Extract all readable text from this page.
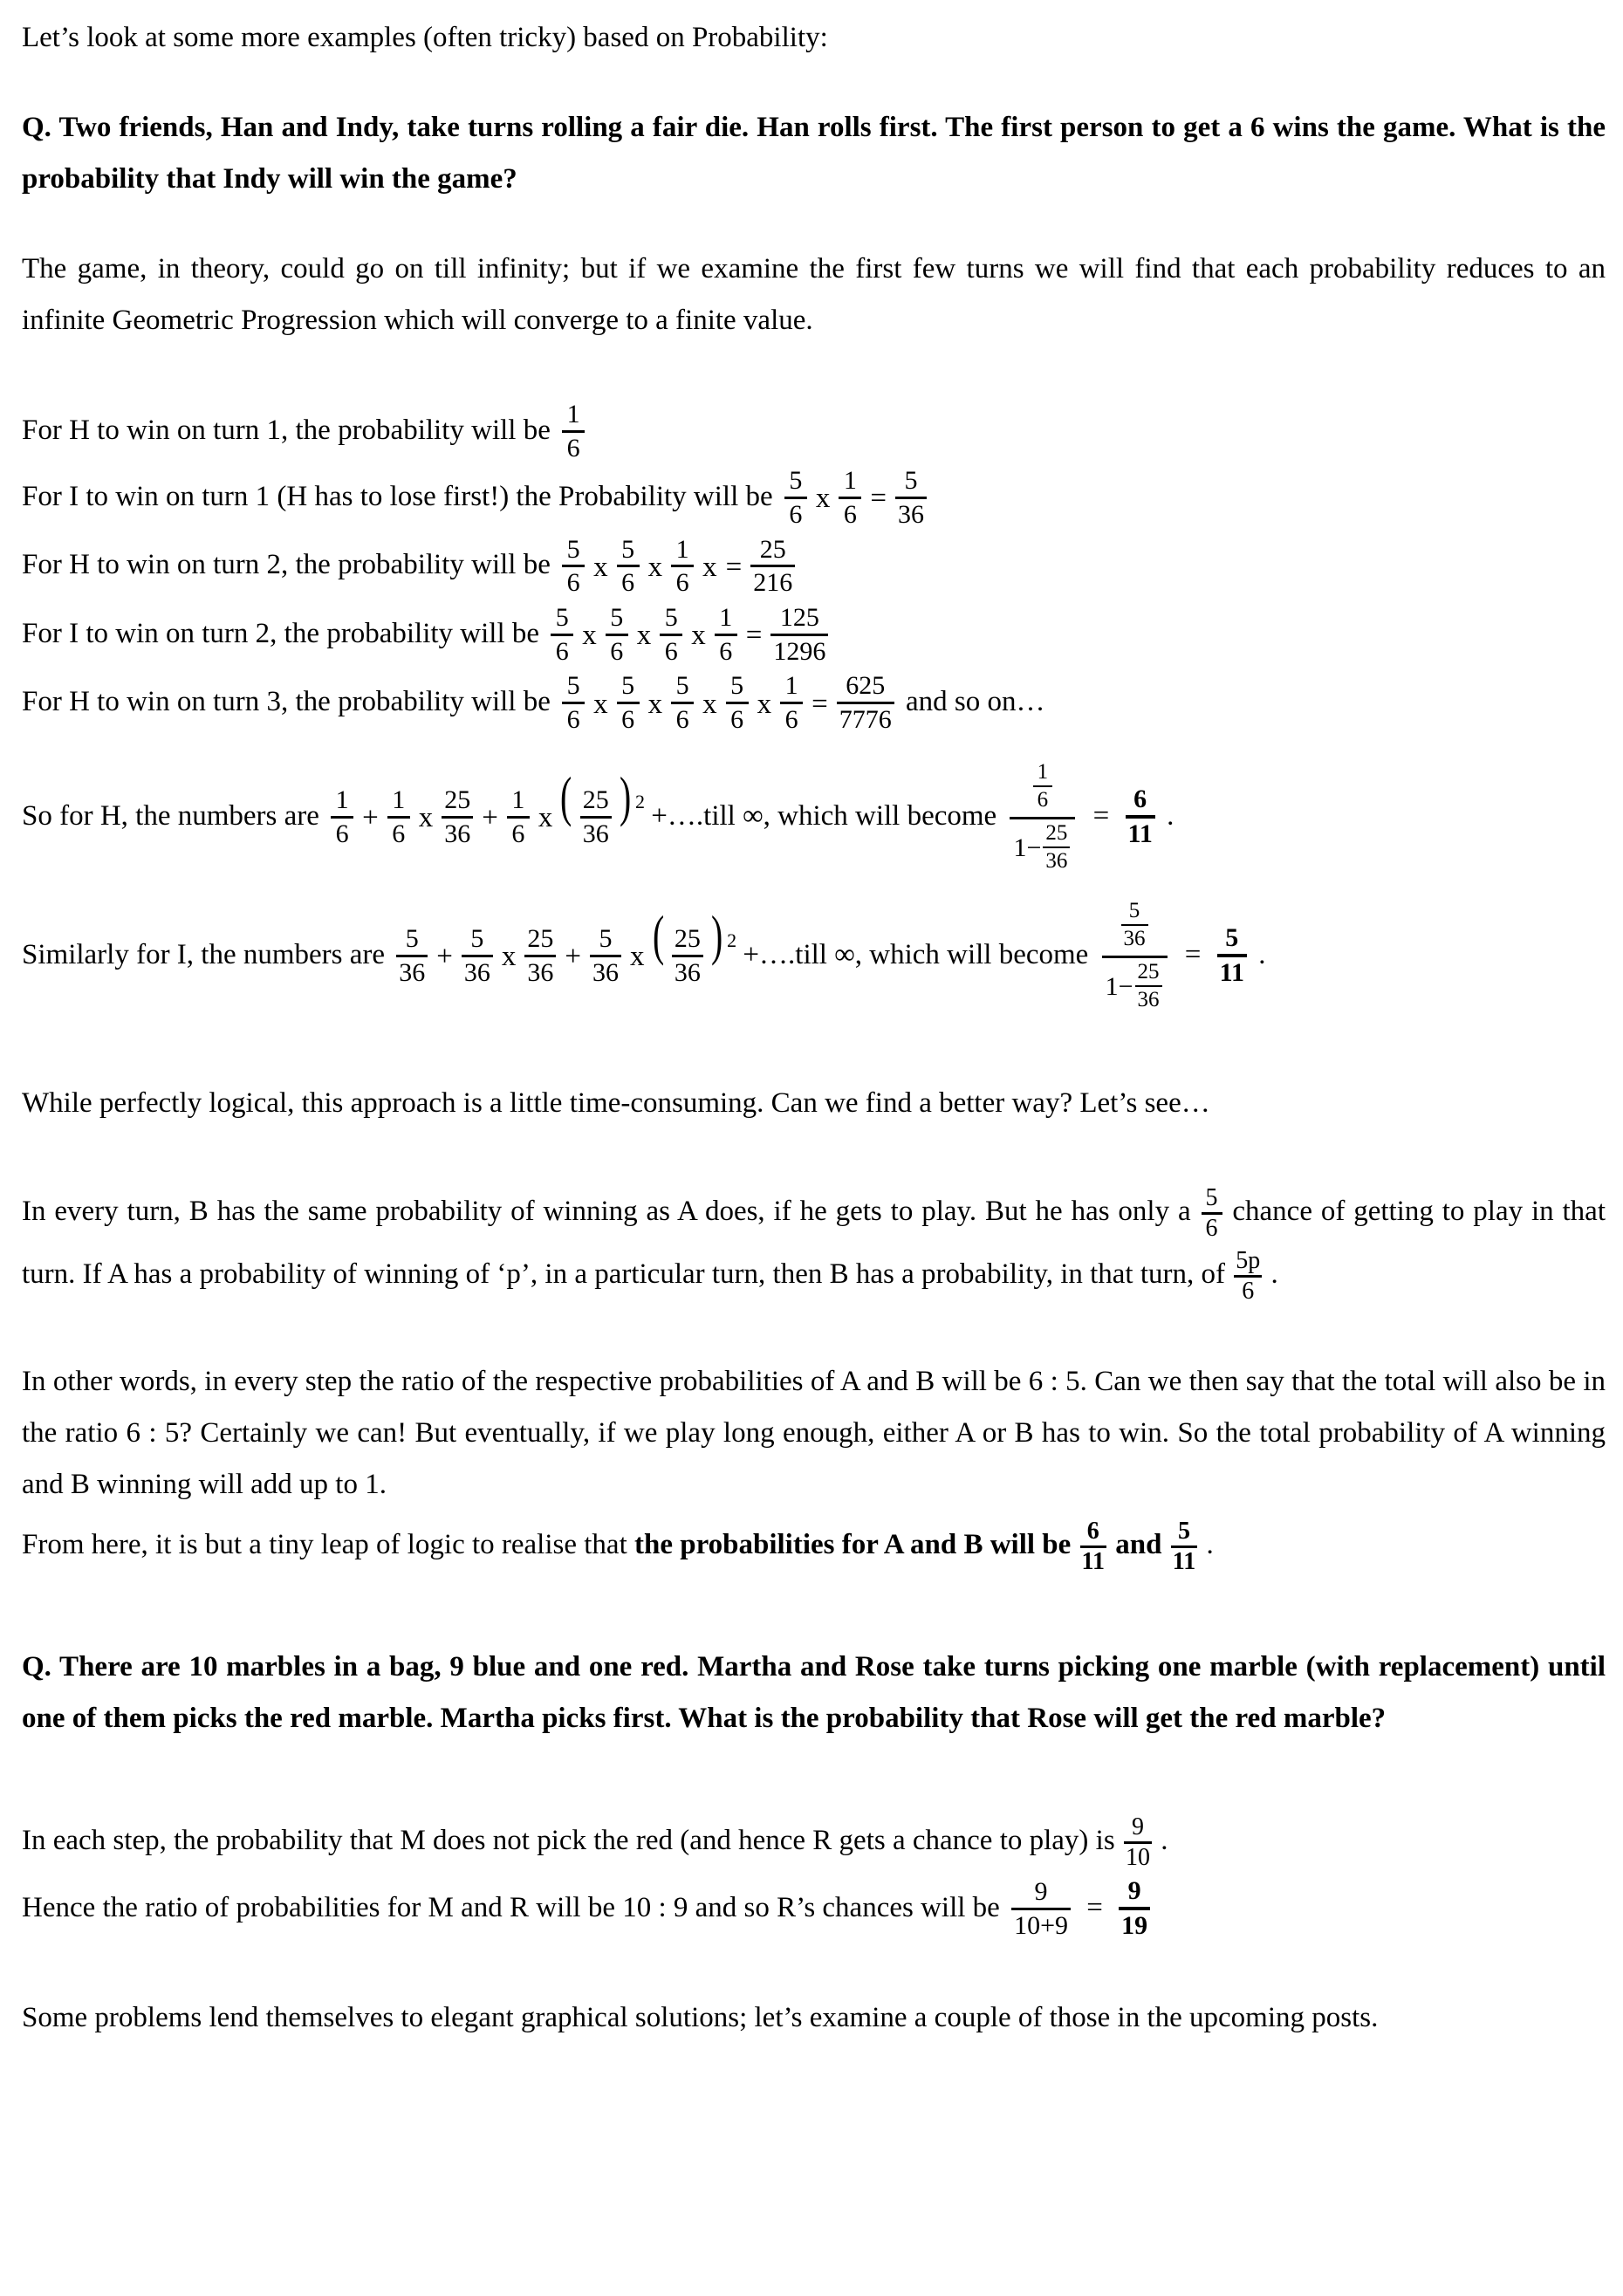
Let’s look at some more examples (often tricky) based on Probability:

Q. Two friends, Han and Indy, take turns rolling a fair die. Han rolls first. The first person to get a 6 wins the game. What is the probability that Indy will win the game?

The game, in theory, could go on till infinity; but if we examine the first few turns we will find that each probability reduces to an infinite Geometric Progression which will converge to a finite value.

For H to win on turn 1, the probability will be $\frac{1}{6}$

For I to win on turn 1 (H has to lose first!) the Probability will be $\frac{5}{6}$ x $\frac{1}{6} = \frac{5}{36}$

For H to win on turn 2, the probability will be $\frac{5}{6}$ x $\frac{5}{6}$ x $\frac{1}{6}$ $x = \frac{25}{216}$

For I to win on turn 2, the probability will be $\frac{5}{6}$ x $\frac{5}{6}$ x $\frac{5}{6}$ x $\frac{1}{6} = \frac{125}{1296}$

For H to win on turn 3, the probability will be $\frac{5}{6}$ x $\frac{5}{6}$ x $\frac{5}{6}$ x $\frac{5}{6}$ x $\frac{1}{6} = \frac{625}{7776}$ and so on…

So for H, the numbers are $\frac{1}{6} + \frac{1}{6}$ x $\frac{25}{36} + \frac{1}{6}$ x ( $\frac{25}{36}$ ) 2 +….till ∞, which will become $\frac{\frac{1}{6}}{1- \frac{25}{36}} = \frac{6}{11}$ .

Similarly for I, the numbers are $\frac{5}{36} + \frac{5}{36}$ x $\frac{25}{36} + \frac{5}{36}$ x ( $\frac{25}{36}$ ) 2 +….till ∞, which will become $\frac{\frac{5}{36}}{1- \frac{25}{36}} = \frac{5}{11}$ .

While perfectly logical, this approach is a little time-consuming. Can we find a better way? Let’s see…

In every turn, B has the same probability of winning as A does, if he gets to play. But he has only a $\frac{5}{6}$ chance of getting to play in that turn. If A has a probability of winning of ‘p’, in a particular turn, then B has a probability, in that turn, of $\frac{5p}{6}$ .

In other words, in every step the ratio of the respective probabilities of A and B will be 6 : 5. Can we then say that the total will also be in the ratio 6 : 5? Certainly we can! But eventually, if we play long enough, either A or B has to win. So the total probability of A winning and B winning will add up to 1.

From here, it is but a tiny leap of logic to realise that the probabilities for A and B will be $\frac{6}{11}$ and $\frac{5}{11}$ .

Q. There are 10 marbles in a bag, 9 blue and one red. Martha and Rose take turns picking one marble (with replacement) until one of them picks the red marble. Martha picks first. What is the probability that Rose will get the red marble?

In each step, the probability that M does not pick the red (and hence R gets a chance to play) is $\frac{9}{10}$ .

Hence the ratio of probabilities for M and R will be 10 : 9 and so R’s chances will be $\frac{9}{10+9} = \frac{9}{19}$

Some problems lend themselves to elegant graphical solutions; let’s examine a couple of those in the upcoming posts.
